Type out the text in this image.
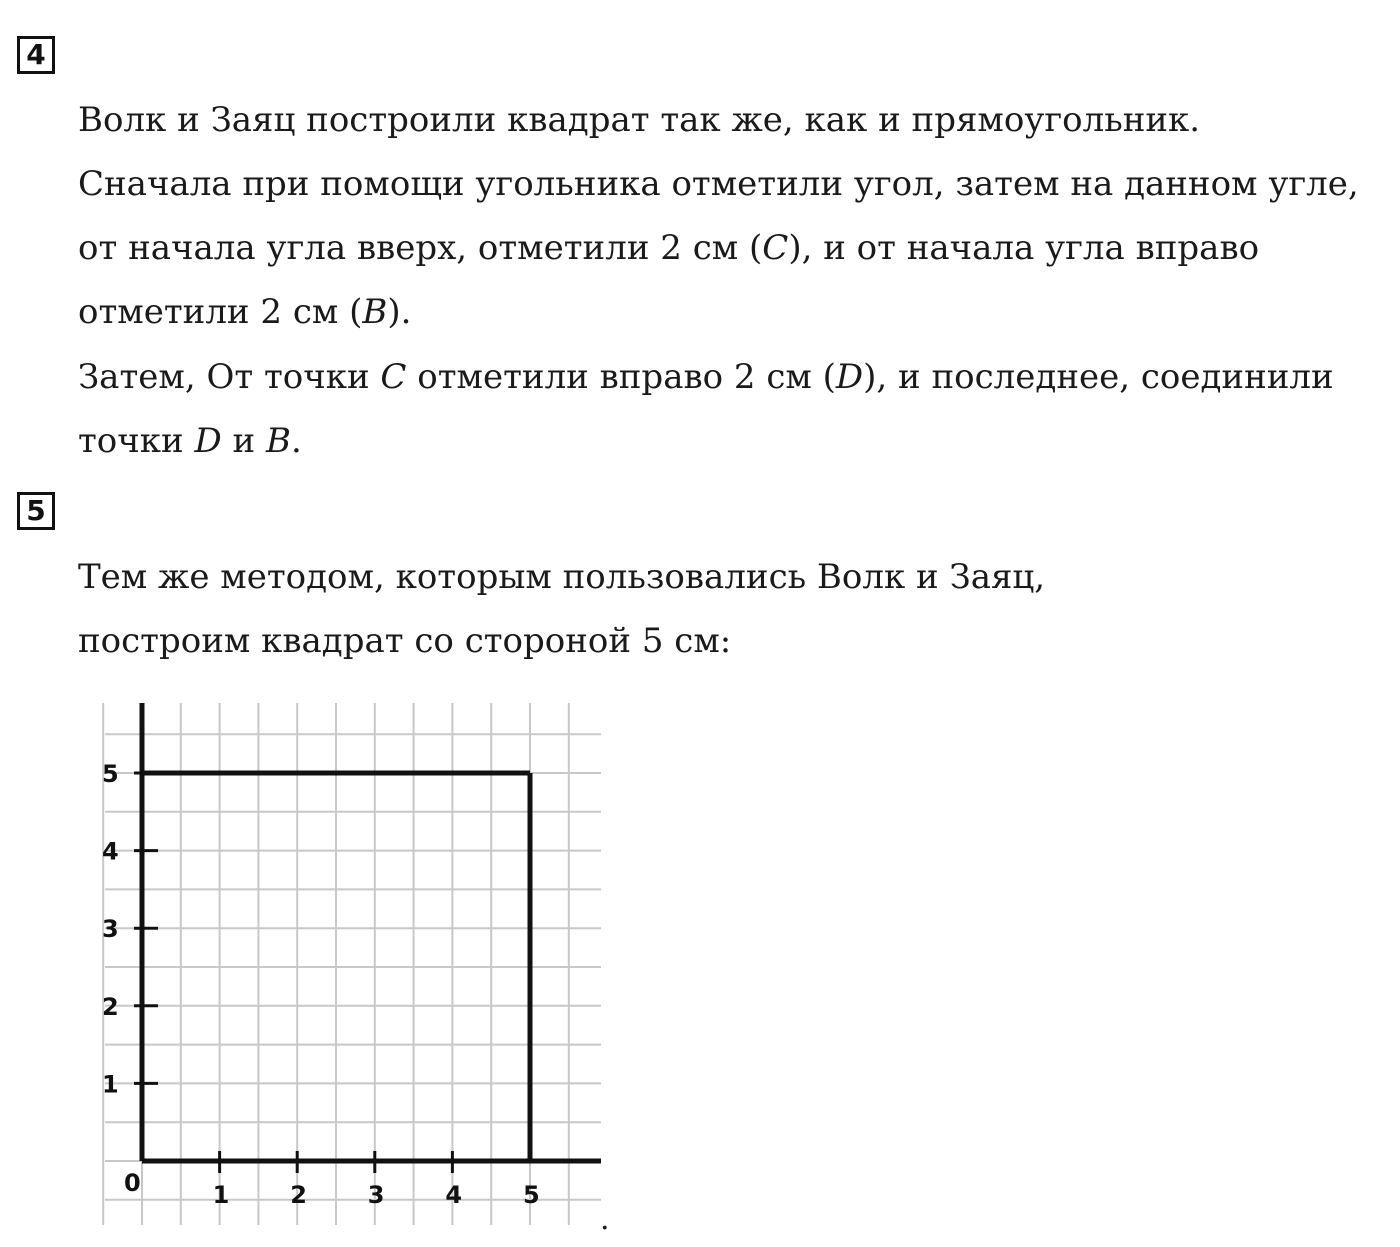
4
Волк и Заяц построили квадрат так же, как и прямоугольник.
Сначала при помощи угольника отметили угол, затем на данном угле,
от начала угла вверх, отметили 2 см (C), и от начала угла вправо
отметили 2 см (B).
Затем, От точки C отметили вправо 2 см (D), и последнее, соединили
точки D и B.
5
Тем же методом, которым пользовались Волк и Заяц,
построим квадрат со стороной 5 см:
1	2	3	4	5
1
2
3
4
5
0
.
